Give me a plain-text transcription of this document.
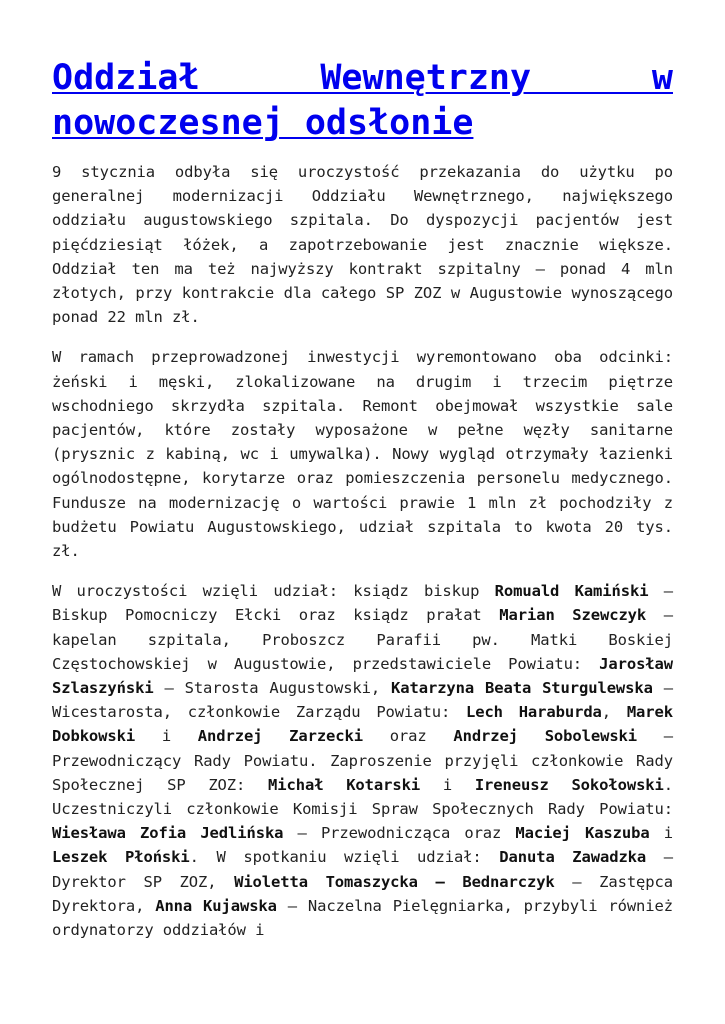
Oddział Wewnętrzny w nowoczesnej odsłonie

9 stycznia odbyła się uroczystość przekazania do użytku po generalnej modernizacji Oddziału Wewnętrznego, największego oddziału augustowskiego szpitala. Do dyspozycji pacjentów jest pięćdziesiąt łóżek, a zapotrzebowanie jest znacznie większe. Oddział ten ma też najwyższy kontrakt szpitalny – ponad 4 mln złotych, przy kontrakcie dla całego SP ZOZ w Augustowie wynoszącego ponad 22 mln zł.

W ramach przeprowadzonej inwestycji wyremontowano oba odcinki: żeński i męski, zlokalizowane na drugim i trzecim piętrze wschodniego skrzydła szpitala. Remont obejmował wszystkie sale pacjentów, które zostały wyposażone w pełne węzły sanitarne (prysznic z kabiną, wc i umywalka). Nowy wygląd otrzymały łazienki ogólnodostępne, korytarze oraz pomieszczenia personelu medycznego. Fundusze na modernizację o wartości prawie 1 mln zł pochodziły z budżetu Powiatu Augustowskiego, udział szpitala to kwota 20 tys. zł.

W uroczystości wzięli udział: ksiądz biskup Romuald Kamiński – Biskup Pomocniczy Ełcki oraz ksiądz prałat Marian Szewczyk – kapelan szpitala, Proboszcz Parafii pw. Matki Boskiej Częstochowskiej w Augustowie, przedstawiciele Powiatu: Jarosław Szlaszyński – Starosta Augustowski, Katarzyna Beata Sturgulewska – Wicestarosta, członkowie Zarządu Powiatu: Lech Haraburda, Marek Dobkowski i Andrzej Zarzecki oraz Andrzej Sobolewski – Przewodniczący Rady Powiatu. Zaproszenie przyjęli członkowie Rady Społecznej SP ZOZ: Michał Kotarski i Ireneusz Sokołowski. Uczestniczyli członkowie Komisji Spraw Społecznych Rady Powiatu: Wiesława Zofia Jedlińska – Przewodnicząca oraz Maciej Kaszuba i Leszek Płoński. W spotkaniu wzięli udział: Danuta Zawadzka – Dyrektor SP ZOZ, Wioletta Tomaszycka – Bednarczyk – Zastępca Dyrektora, Anna Kujawska – Naczelna Pielęgniarka, przybyli również ordynatorzy oddziałów i
